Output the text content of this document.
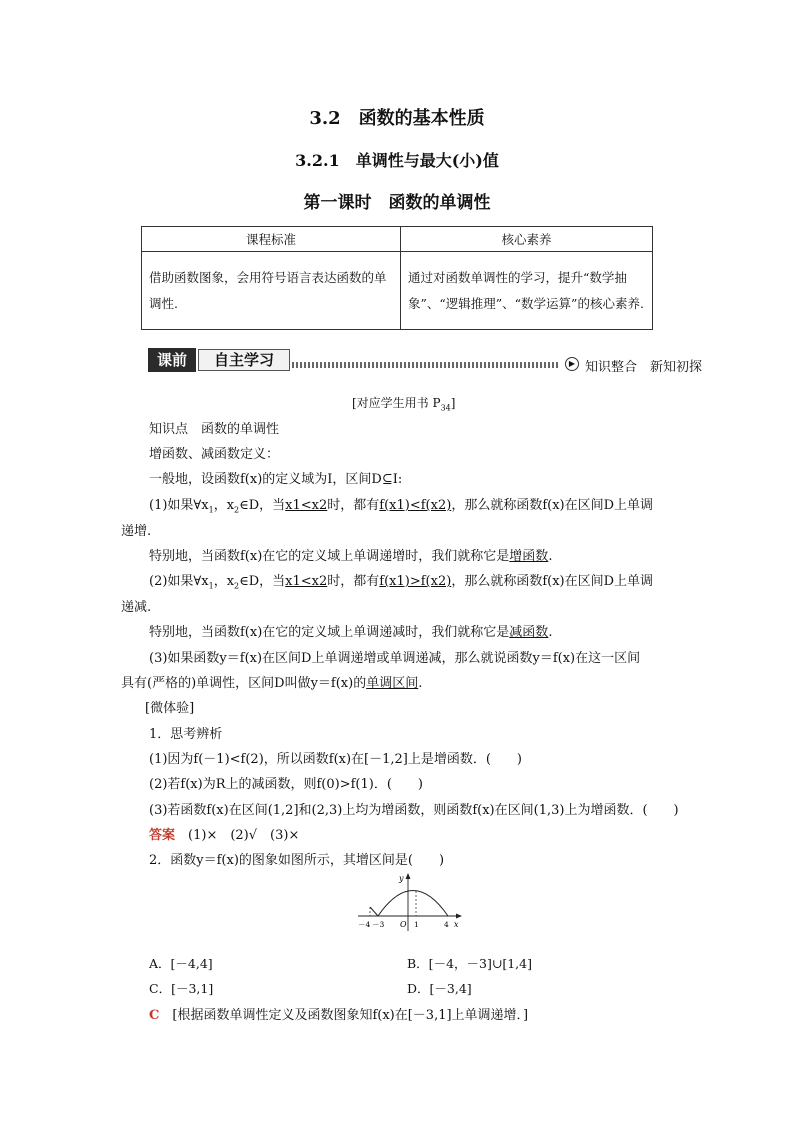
3.2　函数的基本性质
3.2.1　单调性与最大(小)值
第一课时　函数的单调性
课程标准	核心素养
借助函数图象，会用符号语言表达函数的单调性.	通过对函数单调性的学习，提升“数学抽象”、“逻辑推理”、“数学运算”的核心素养.
课前	自主学习	▶ 知识整合　新知初探
[对应学生用书 $P_{34}$]
知识点　函数的单调性
增函数、减函数定义：
一般地，设函数f(x)的定义域为I，区间D⊆I:
(1)如果$\forall x_1$，$x_2\in D$，当x1<x2时，都有f(x1)<f(x2)，那么就称函数f(x)在区间D上单调
递增.
特别地，当函数f(x)在它的定义域上单调递增时，我们就称它是增函数.
(2)如果$\forall x_1$，$x_2\in D$，当x1<x2时，都有f(x1)>f(x2)，那么就称函数f(x)在区间D上单调
递减.
特别地，当函数f(x)在它的定义域上单调递减时，我们就称它是减函数.
(3)如果函数y＝f(x)在区间D上单调递增或单调递减，那么就说函数y＝f(x)在这一区间
具有(严格的)单调性，区间D叫做y＝f(x)的单调区间.
[微体验]
1．思考辨析
(1)因为f(－1)<f(2)，所以函数f(x)在[－1,2]上是增函数．(　　)
(2)若f(x)为R上的减函数，则f(0)>f(1)．(　　)
(3)若函数f(x)在区间(1,2]和(2,3)上均为增函数，则函数f(x)在区间(1,3)上为增函数．(　　)
答案　 (1)×　(2)√　(3)×
2．函数y＝f(x)的图象如图所示，其增区间是(　　)
y
x
O
－4 －3	1	4
A．[－4,4]	B．[－4，－3]∪[1,4]
C．[－3,1]	D．[－3,4]
C　 [根据函数单调性定义及函数图象知f(x)在[－3,1]上单调递增．]
